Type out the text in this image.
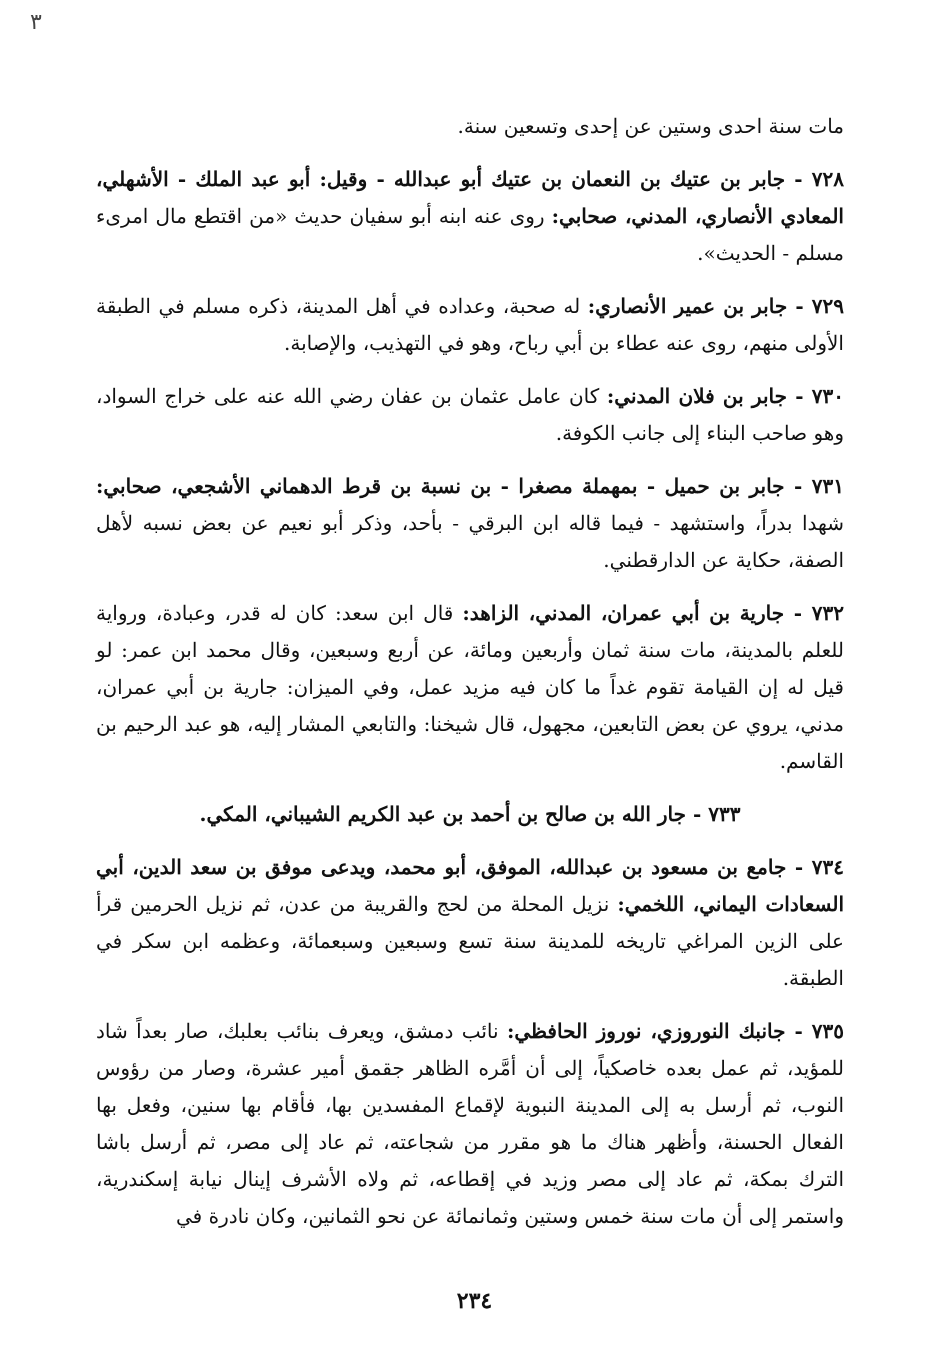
٣

مات سنة احدى وستين عن إحدى وتسعين سنة.

٧٢٨ - جابر بن عتيك بن النعمان بن عتيك أبو عبدالله - وقيل: أبو عبد الملك - الأشهلي، المعادي الأنصاري، المدني، صحابي: روى عنه ابنه أبو سفيان حديث «من اقتطع مال امرىء مسلم - الحديث».

٧٢٩ - جابر بن عمير الأنصاري: له صحبة، وعداده في أهل المدينة، ذكره مسلم في الطبقة الأولى منهم، روى عنه عطاء بن أبي رباح، وهو في التهذيب، والإصابة.

٧٣٠ - جابر بن فلان المدني: كان عامل عثمان بن عفان رضي الله عنه على خراج السواد، وهو صاحب البناء إلى جانب الكوفة.

٧٣١ - جابر بن حميل - بمهملة مصغرا - بن نسبة بن قرط الدهماني الأشجعي، صحابي: شهدا بدراً، واستشهد - فيما قاله ابن البرقي - بأحد، وذكر أبو نعيم عن بعض نسبه لأهل الصفة، حكاية عن الدارقطني.

٧٣٢ - جارية بن أبي عمران، المدني، الزاهد: قال ابن سعد: كان له قدر، وعبادة، ورواية للعلم بالمدينة، مات سنة ثمان وأربعين ومائة، عن أربع وسبعين، وقال محمد ابن عمر: لو قيل له إن القيامة تقوم غداً ما كان فيه مزيد عمل، وفي الميزان: جارية بن أبي عمران، مدني، يروي عن بعض التابعين، مجهول، قال شيخنا: والتابعي المشار إليه، هو عبد الرحيم بن القاسم.

٧٣٣ - جار الله بن صالح بن أحمد بن عبد الكريم الشيباني، المكي.

٧٣٤ - جامع بن مسعود بن عبدالله، الموفق، أبو محمد، ويدعى موفق بن سعد الدين، أبي السعادات اليماني، اللخمي: نزيل المحلة من لحج والقريبة من عدن، ثم نزيل الحرمين قرأ على الزين المراغي تاريخه للمدينة سنة تسع وسبعين وسبعمائة، وعظمه ابن سكر في الطبقة.

٧٣٥ - جانبك النوروزي، نوروز الحافظي: نائب دمشق، ويعرف بنائب بعلبك، صار بعداً شاد للمؤيد، ثم عمل بعده خاصكياً، إلى أن أمَّره الظاهر جقمق أمير عشرة، وصار من رؤوس النوب، ثم أرسل به إلى المدينة النبوية لإقماع المفسدين بها، فأقام بها سنين، وفعل بها الفعال الحسنة، وأظهر هناك ما هو مقرر من شجاعته، ثم عاد إلى مصر، ثم أرسل باشا الترك بمكة، ثم عاد إلى مصر وزيد في إقطاعه، ثم ولاه الأشرف إينال نيابة إسكندرية، واستمر إلى أن مات سنة خمس وستين وثمانمائة عن نحو الثمانين، وكان نادرة في

٢٣٤
